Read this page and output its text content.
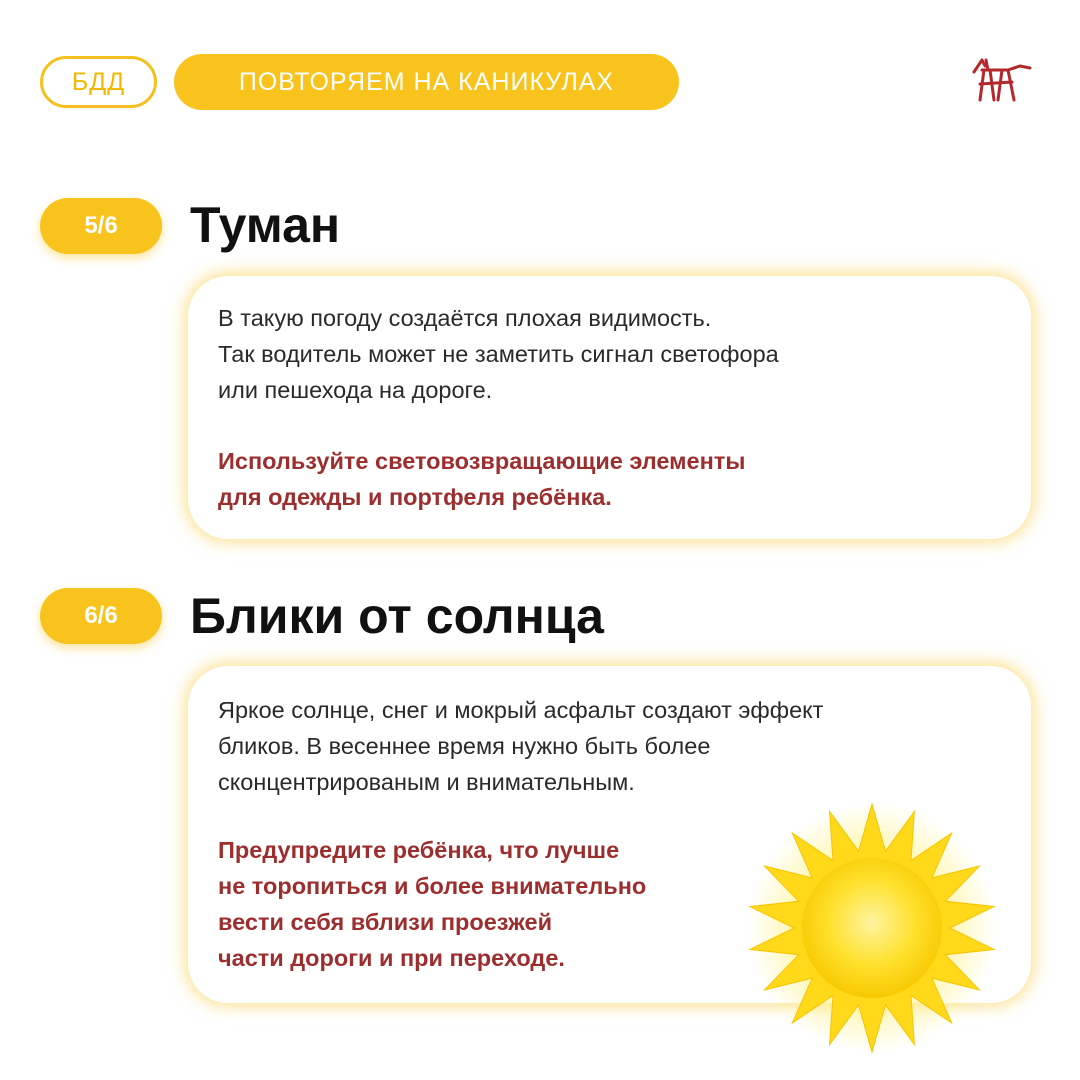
БДД	ПОВТОРЯЕМ НА КАНИКУЛАХ
5/6	Туман

В такую погоду создаётся плохая видимость.
Так водитель может не заметить сигнал светофора
или пешехода на дороге.

Используйте световозвращающие элементы
для одежды и портфеля ребёнка.

6/6	Блики от солнца

Яркое солнце, снег и мокрый асфальт создают эффект
бликов. В весеннее время нужно быть более
сконцентрированым и внимательным.

Предупредите ребёнка, что лучше
не торопиться и более внимательно
вести себя вблизи проезжей
части дороги и при переходе.
